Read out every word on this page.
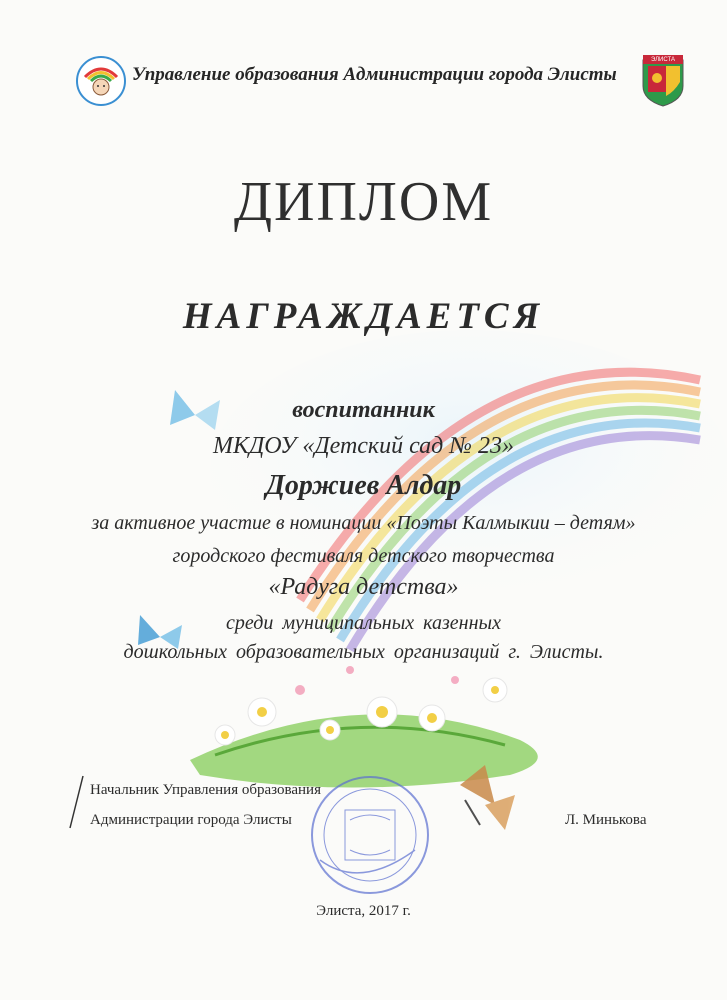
Управление образования Администрации города Элисты
ЭЛИСТА
ДИПЛОМ
НАГРАЖДАЕТСЯ
воспитанник
МКДОУ «Детский сад № 23»
Доржиев Алдар
за активное участие в номинации «Поэты Калмыкии – детям»
городского фестиваля детского творчества
«Радуга детства»
среди муниципальных казенных
дошкольных образовательных организаций г. Элисты.
Начальник Управления образования
Администрации города Элисты	Л. Минькова
Элиста, 2017 г.
